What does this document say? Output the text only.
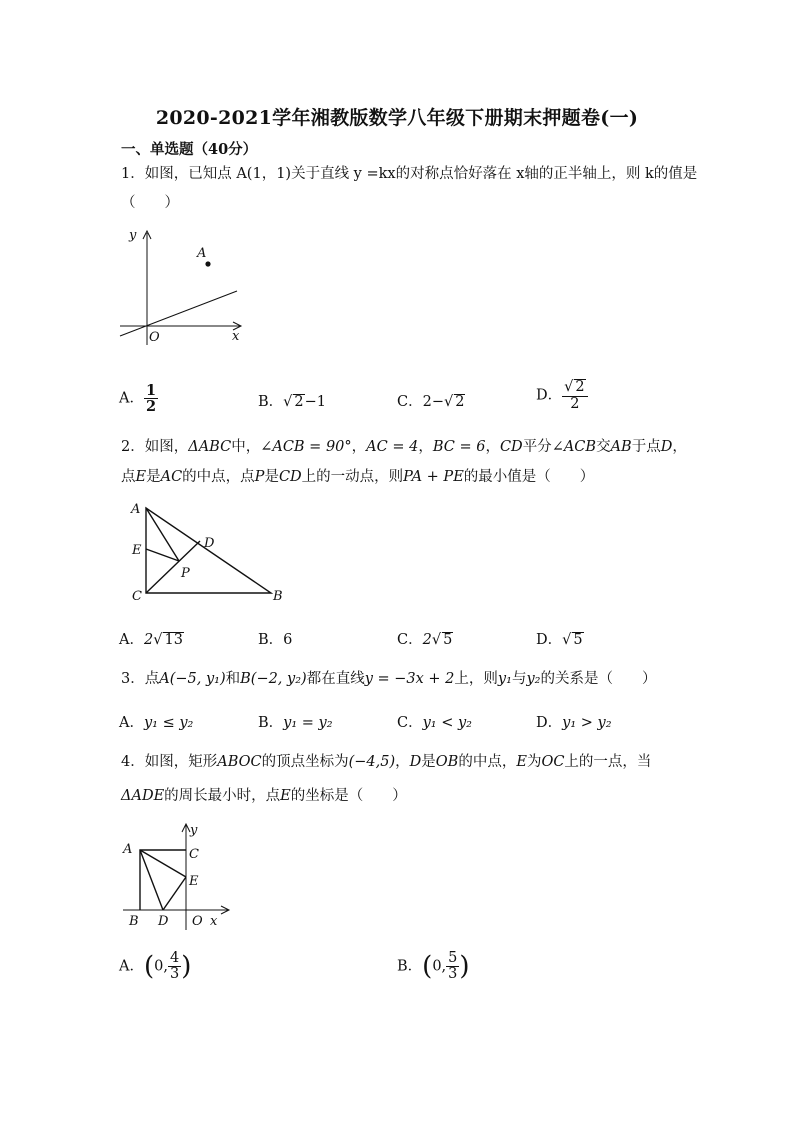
2020-2021学年湘教版数学八年级下册期末押题卷(一)
一、单选题（40分）
1．如图，已知点 A(1，1)关于直线 y =kx的对称点恰好落在 x轴的正半轴上，则 k的值是
（　　）
y
A
O	x
A． $\frac{1}{2}$	B．√ 2−1	C．2−√ 2	D． $\frac{√ 2}{2}$
2．如图，ΔABC中，∠ACB = 90°，AC = 4，BC = 6，CD平分∠ACB交AB于点D，
点E是AC的中点，点P是CD上的一动点，则PA + PE的最小值是（　　）
A
E	D
P
C	B
A．2√ 13	B．6	C．2√ 5	D．√ 5
3．点A(−5, y₁)和B(−2, y₂)都在直线y = −3x + 2上，则y₁与y₂的关系是（　　）
A．y₁ ≤ y₂	B．y₁ = y₂	C．y₁ < y₂	D．y₁ > y₂
4．如图，矩形ABOC的顶点坐标为(−4,5)，D是OB的中点，E为OC上的一点，当
ΔADE的周长最小时，点E的坐标是（　　）
A
y
C
E
B D O x
A．(0, $\frac{4}{3}$ )	B．(0, $\frac{5}{3}$ )
